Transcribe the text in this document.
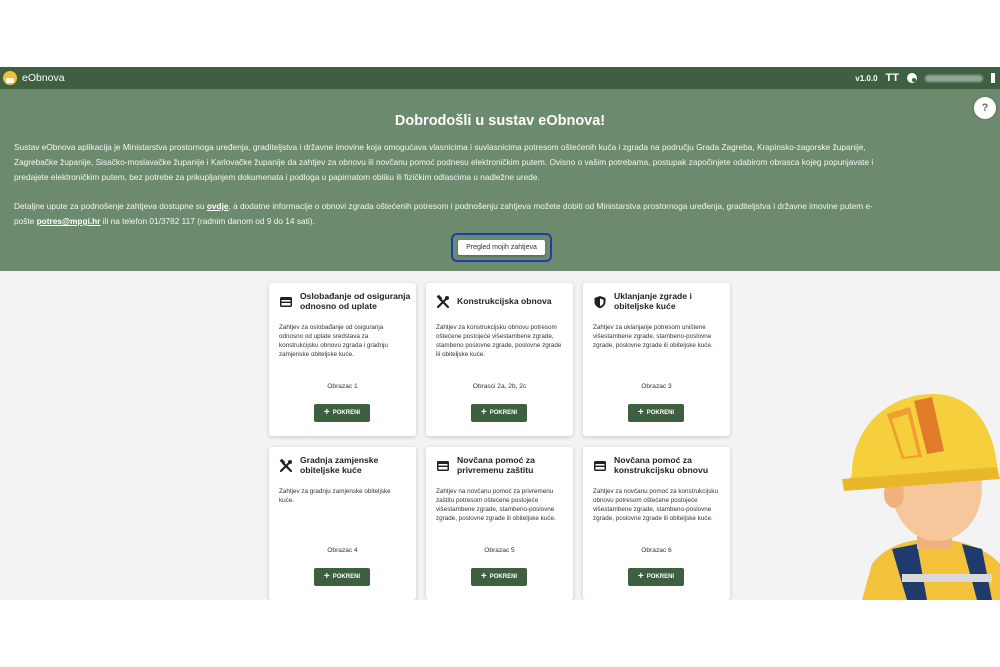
eObnova	v1.0.0 TT
?
Dobrodošli u sustav eObnova!
Sustav eObnova aplikacija je Ministarstva prostornoga uređenja, graditeljstva i državne imovine koja omogućava vlasnicima i suvlasnicima potresom oštećenih kuća i zgrada na području Grada Zagreba, Krapinsko-zagorske županije,
Zagrebačke županije, Sisačko-moslavačke županije i Karlovačke županije da zahtjev za obnovu ili novčanu pomoć podnesu elektroničkim putem. Ovisno o vašim potrebama, postupak započinjete odabirom obrasca kojeg popunjavate i
predajete elektroničkim putem, bez potrebe za prikupljanjem dokumenata i podloga u papirnatom obliku ili fizičkim odlascima u nadležne urede.
Detaljne upute za podnošenje zahtjeva dostupne su ovdje, a dodatne informacije o obnovi zgrada oštećenih potresom i podnošenju zahtjeva možete dobiti od Ministarstva prostornoga uređenja, graditeljstva i državne imovine putem e-
pošte potres@mpgi.hr ili na telefon 01/3782 117 (radnim danom od 9 do 14 sati).
Pregled mojih zahtjeva
Oslobađanje od osiguranja odnosno od uplate
Zahtjev za oslobađanje od osiguranja odnosno od uplate sredstava za konstrukcijsku obnovu zgrada i gradnju zamjenske obiteljske kuće.
Obrazac 1
+ POKRENI
Konstrukcijska obnova
Zahtjev za konstrukcijsku obnovu potresom oštećene postojeće višestambene zgrade, stambeno poslovne zgrade, poslovne zgrade ili obiteljske kuće.
Obrasci 2a, 2b, 2c
+ POKRENI
Uklanjanje zgrade i obiteljske kuće
Zahtjev za uklanjanje potresom uništene višestambene zgrade, stambeno-poslovne zgrade, poslovne zgrade ili obiteljske kuće.
Obrazac 3
+ POKRENI
Gradnja zamjenske obiteljske kuće
Zahtjev za gradnju zamjenske obiteljske kuće.
Obrazac 4
+ POKRENI
Novčana pomoć za privremenu zaštitu
Zahtjev na novčanu pomoć za privremenu zaštitu potresom oštećene postojeće višestambene zgrade, stambeno-poslovne zgrade, poslovne zgrade ili obiteljske kuće.
Obrazac 5
+ POKRENI
Novčana pomoć za konstrukcijsku obnovu
Zahtjev za novčanu pomoć za konstrukcijsku obnovu potresom oštećene postojeće višestambene zgrade, stambeno-poslovne zgrade, poslovne zgrade ili obiteljske kuće.
Obrazac 6
+ POKRENI
